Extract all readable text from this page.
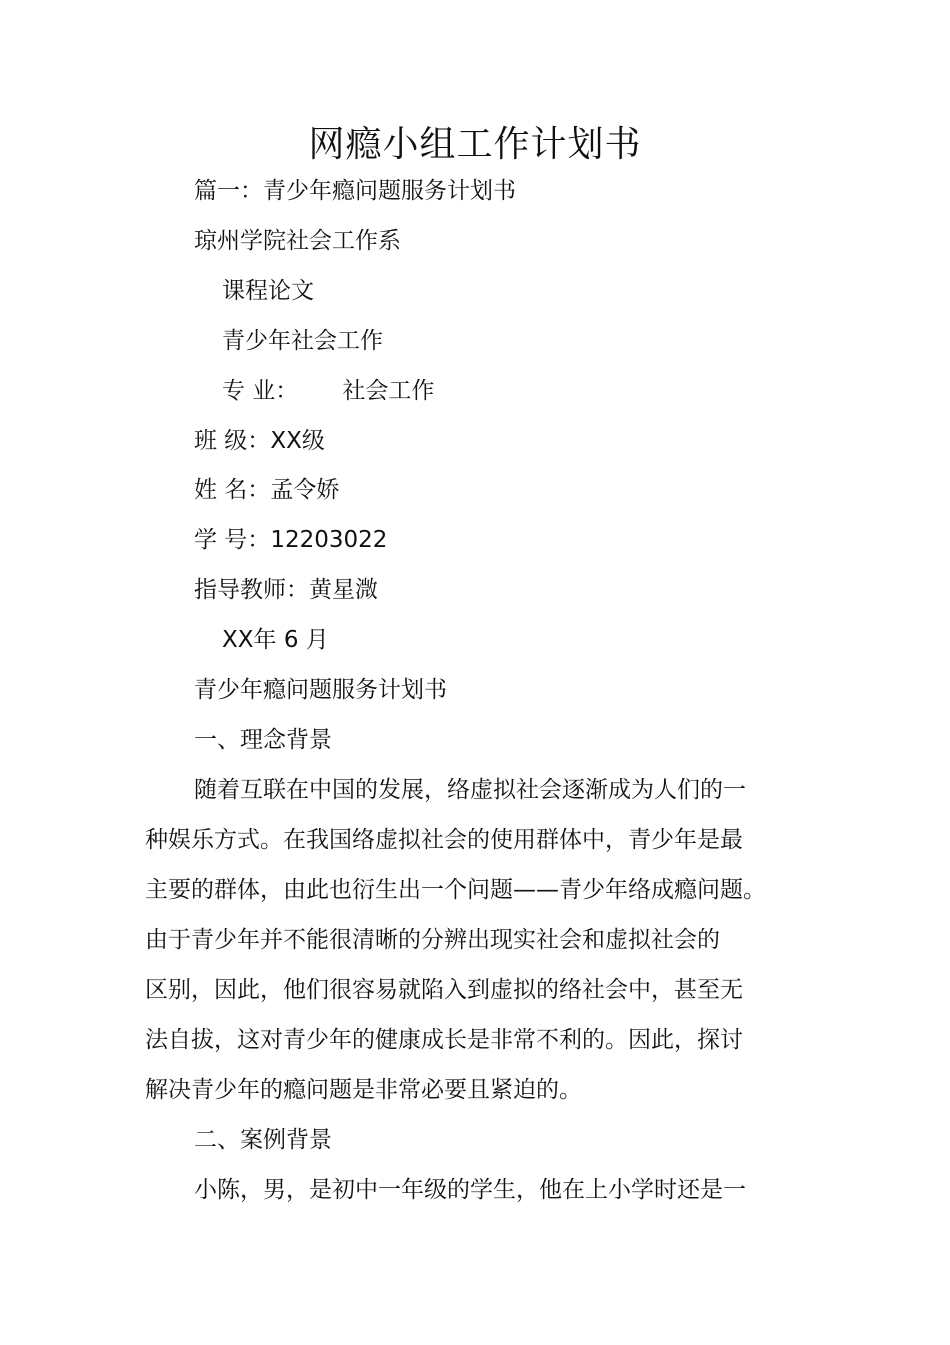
网瘾小组工作计划书
篇一：青少年瘾问题服务计划书
琼州学院社会工作系
课程论文
青少年社会工作
专 业： 社会工作
班 级：XX级
姓 名：孟令娇
学 号：12203022
指导教师：黄星溦
XX年 6 月
青少年瘾问题服务计划书
一、理念背景
随着互联在中国的发展，络虚拟社会逐渐成为人们的一
种娱乐方式。在我国络虚拟社会的使用群体中，青少年是最
主要的群体，由此也衍生出一个问题——青少年络成瘾问题。
由于青少年并不能很清晰的分辨出现实社会和虚拟社会的
区别，因此，他们很容易就陷入到虚拟的络社会中，甚至无
法自拔，这对青少年的健康成长是非常不利的。因此，探讨
解决青少年的瘾问题是非常必要且紧迫的。
二、案例背景
小陈，男，是初中一年级的学生，他在上小学时还是一
